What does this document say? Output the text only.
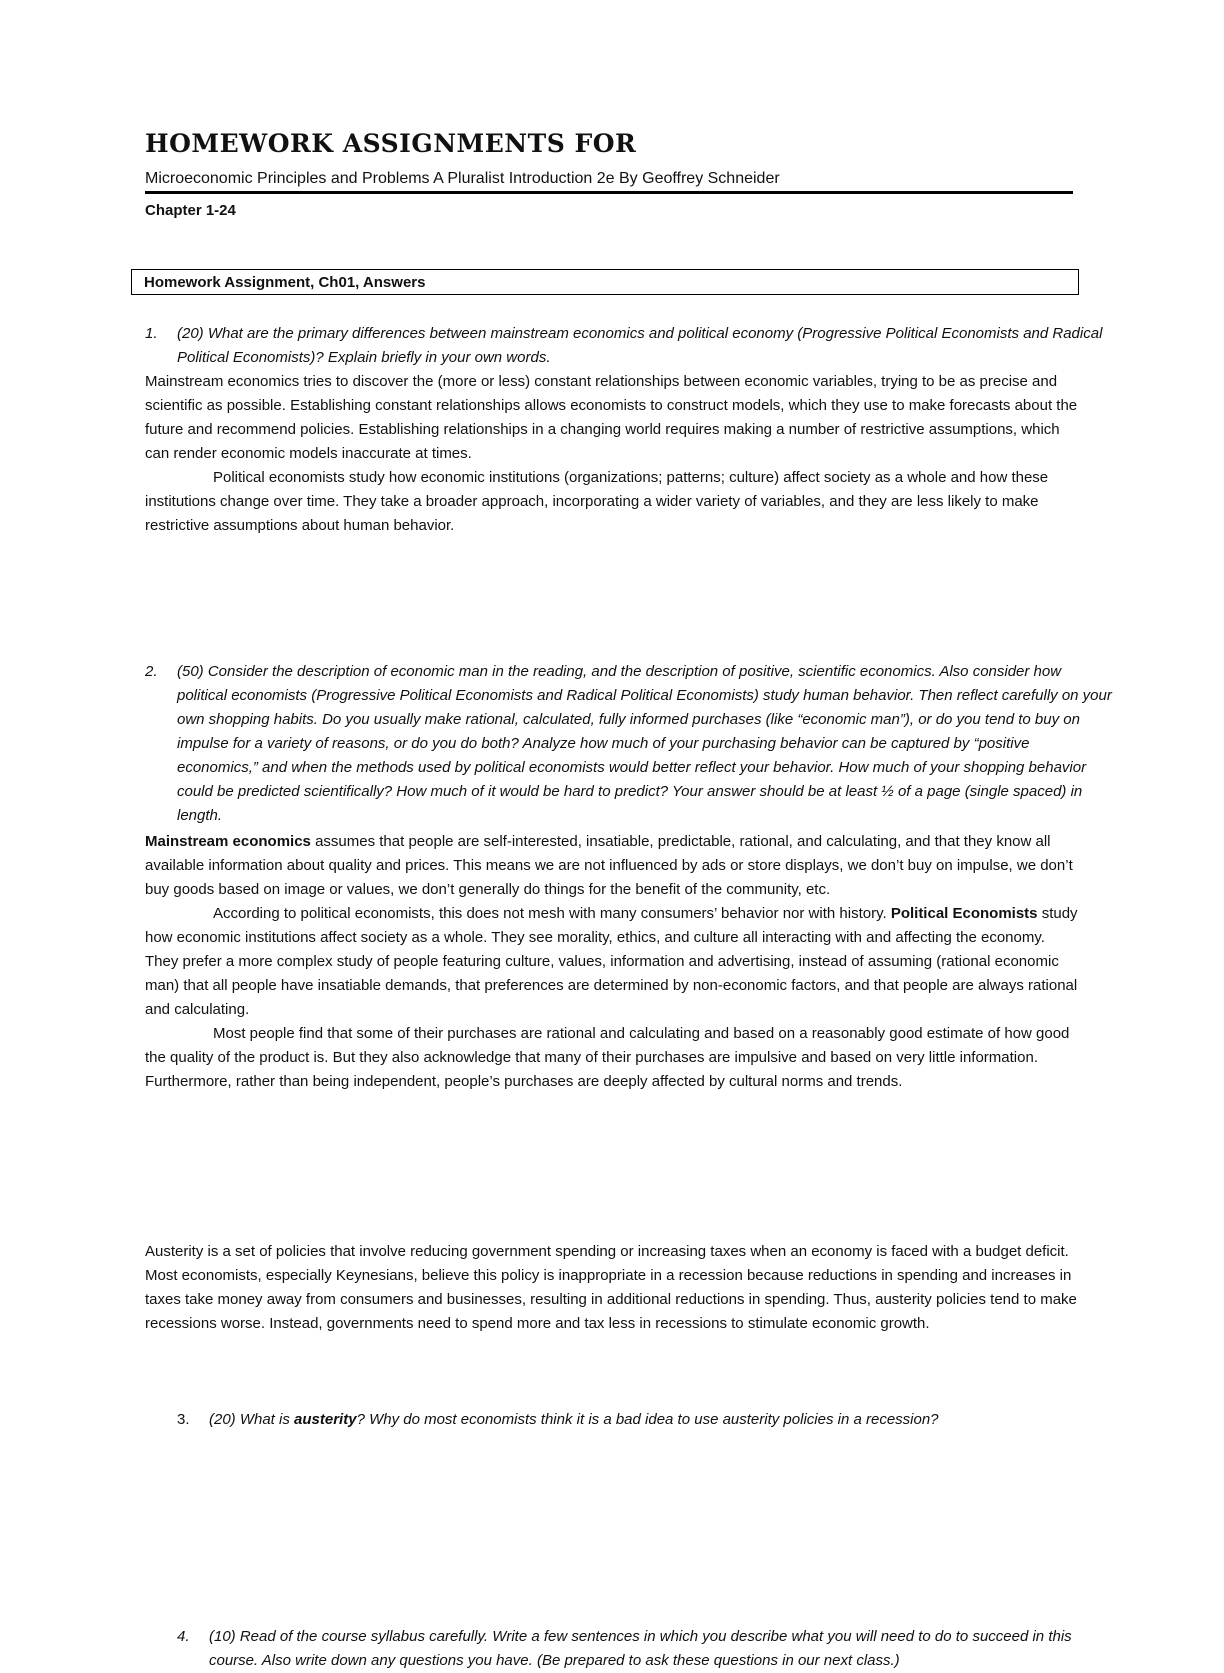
HOMEWORK ASSIGNMENTS FOR
Microeconomic Principles and Problems A Pluralist Introduction 2e By Geoffrey Schneider
Chapter 1-24
Homework Assignment, Ch01, Answers
1. (20) What are the primary differences between mainstream economics and political economy (Progressive Political Economists and Radical Political Economists)? Explain briefly in your own words.

Mainstream economics tries to discover the (more or less) constant relationships between economic variables, trying to be as precise and scientific as possible. Establishing constant relationships allows economists to construct models, which they use to make forecasts about the future and recommend policies. Establishing relationships in a changing world requires making a number of restrictive assumptions, which can render economic models inaccurate at times.

Political economists study how economic institutions (organizations; patterns; culture) affect society as a whole and how these institutions change over time. They take a broader approach, incorporating a wider variety of variables, and they are less likely to make restrictive assumptions about human behavior.

2. (50) Consider the description of economic man in the reading, and the description of positive, scientific economics. Also consider how political economists (Progressive Political Economists and Radical Political Economists) study human behavior. Then reflect carefully on your own shopping habits. Do you usually make rational, calculated, fully informed purchases (like “economic man”), or do you tend to buy on impulse for a variety of reasons, or do you do both? Analyze how much of your purchasing behavior can be captured by “positive economics,” and when the methods used by political economists would better reflect your behavior. How much of your shopping behavior could be predicted scientifically? How much of it would be hard to predict? Your answer should be at least ½ of a page (single spaced) in length.

Mainstream economics assumes that people are self-interested, insatiable, predictable, rational, and calculating, and that they know all available information about quality and prices. This means we are not influenced by ads or store displays, we don’t buy on impulse, we don’t buy goods based on image or values, we don’t generally do things for the benefit of the community, etc.

According to political economists, this does not mesh with many consumers’ behavior nor with history. Political Economists study how economic institutions affect society as a whole. They see morality, ethics, and culture all interacting with and affecting the economy. They prefer a more complex study of people featuring culture, values, information and advertising, instead of assuming (rational economic man) that all people have insatiable demands, that preferences are determined by non-economic factors, and that people are always rational and calculating.

Most people find that some of their purchases are rational and calculating and based on a reasonably good estimate of how good the quality of the product is. But they also acknowledge that many of their purchases are impulsive and based on very little information. Furthermore, rather than being independent, people’s purchases are deeply affected by cultural norms and trends.

3. (20) What is austerity? Why do most economists think it is a bad idea to use austerity policies in a recession?

Austerity is a set of policies that involve reducing government spending or increasing taxes when an economy is faced with a budget deficit. Most economists, especially Keynesians, believe this policy is inappropriate in a recession because reductions in spending and increases in taxes take money away from consumers and businesses, resulting in additional reductions in spending. Thus, austerity policies tend to make recessions worse. Instead, governments need to spend more and tax less in recessions to stimulate economic growth.

4. (10) Read of the course syllabus carefully. Write a few sentences in which you describe what you will need to do to succeed in this course. Also write down any questions you have. (Be prepared to ask these questions in our next class.)
